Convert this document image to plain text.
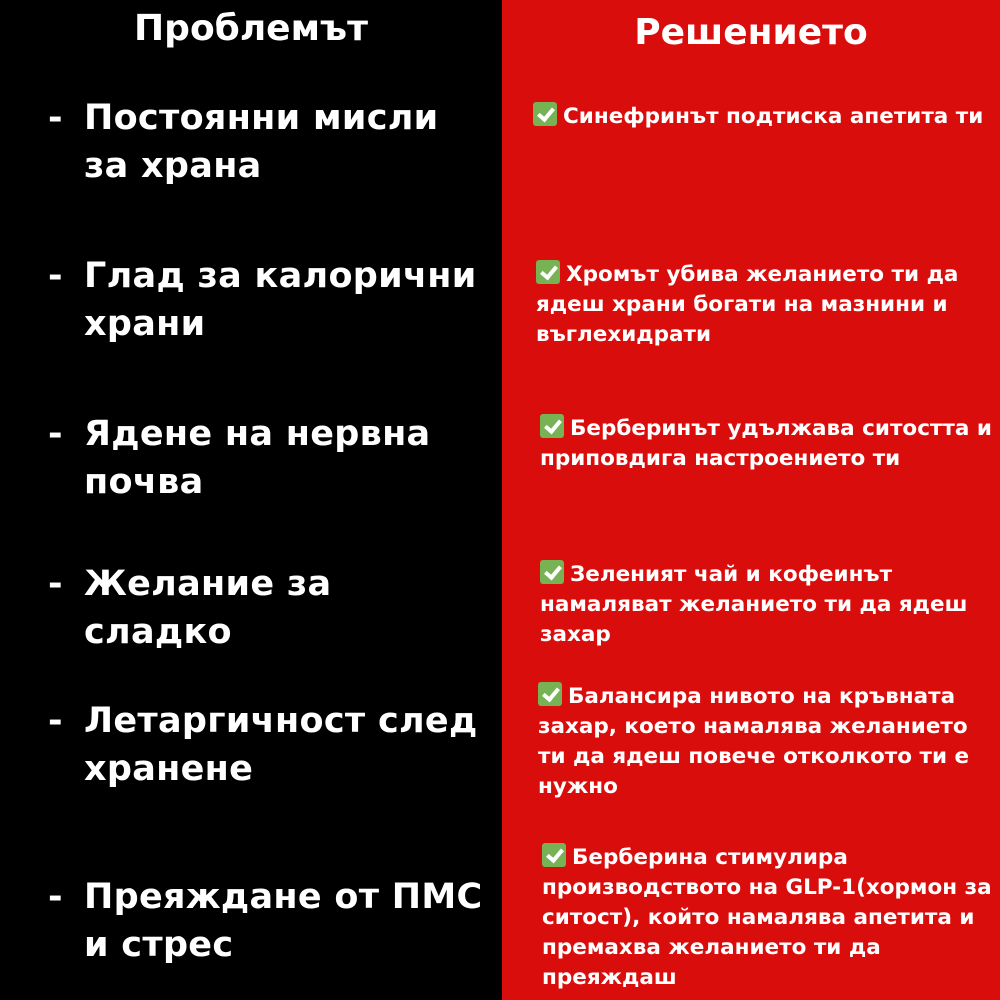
Проблемът	Решението
- Постоянни мисли за храна
- Глад за калорични храни
- Ядене на нервна почва
- Желание за сладко
- Летаргичност след хранене
- Преяждане от ПМС и стрес
Синефринът подтиска апетита ти
Хромът убива желанието ти да ядеш храни богати на мазнини и въглехидрати
Берберинът удължава ситостта и приповдига настроението ти
Зеленият чай и кофеинът намаляват желанието ти да ядеш захар
Балансира нивото на кръвната захар, което намалява желанието ти да ядеш повече отколкото ти е нужно
Берберина стимулира производството на GLP-1(хормон за ситост), който намалява апетита и премахва желанието ти да преяждаш
